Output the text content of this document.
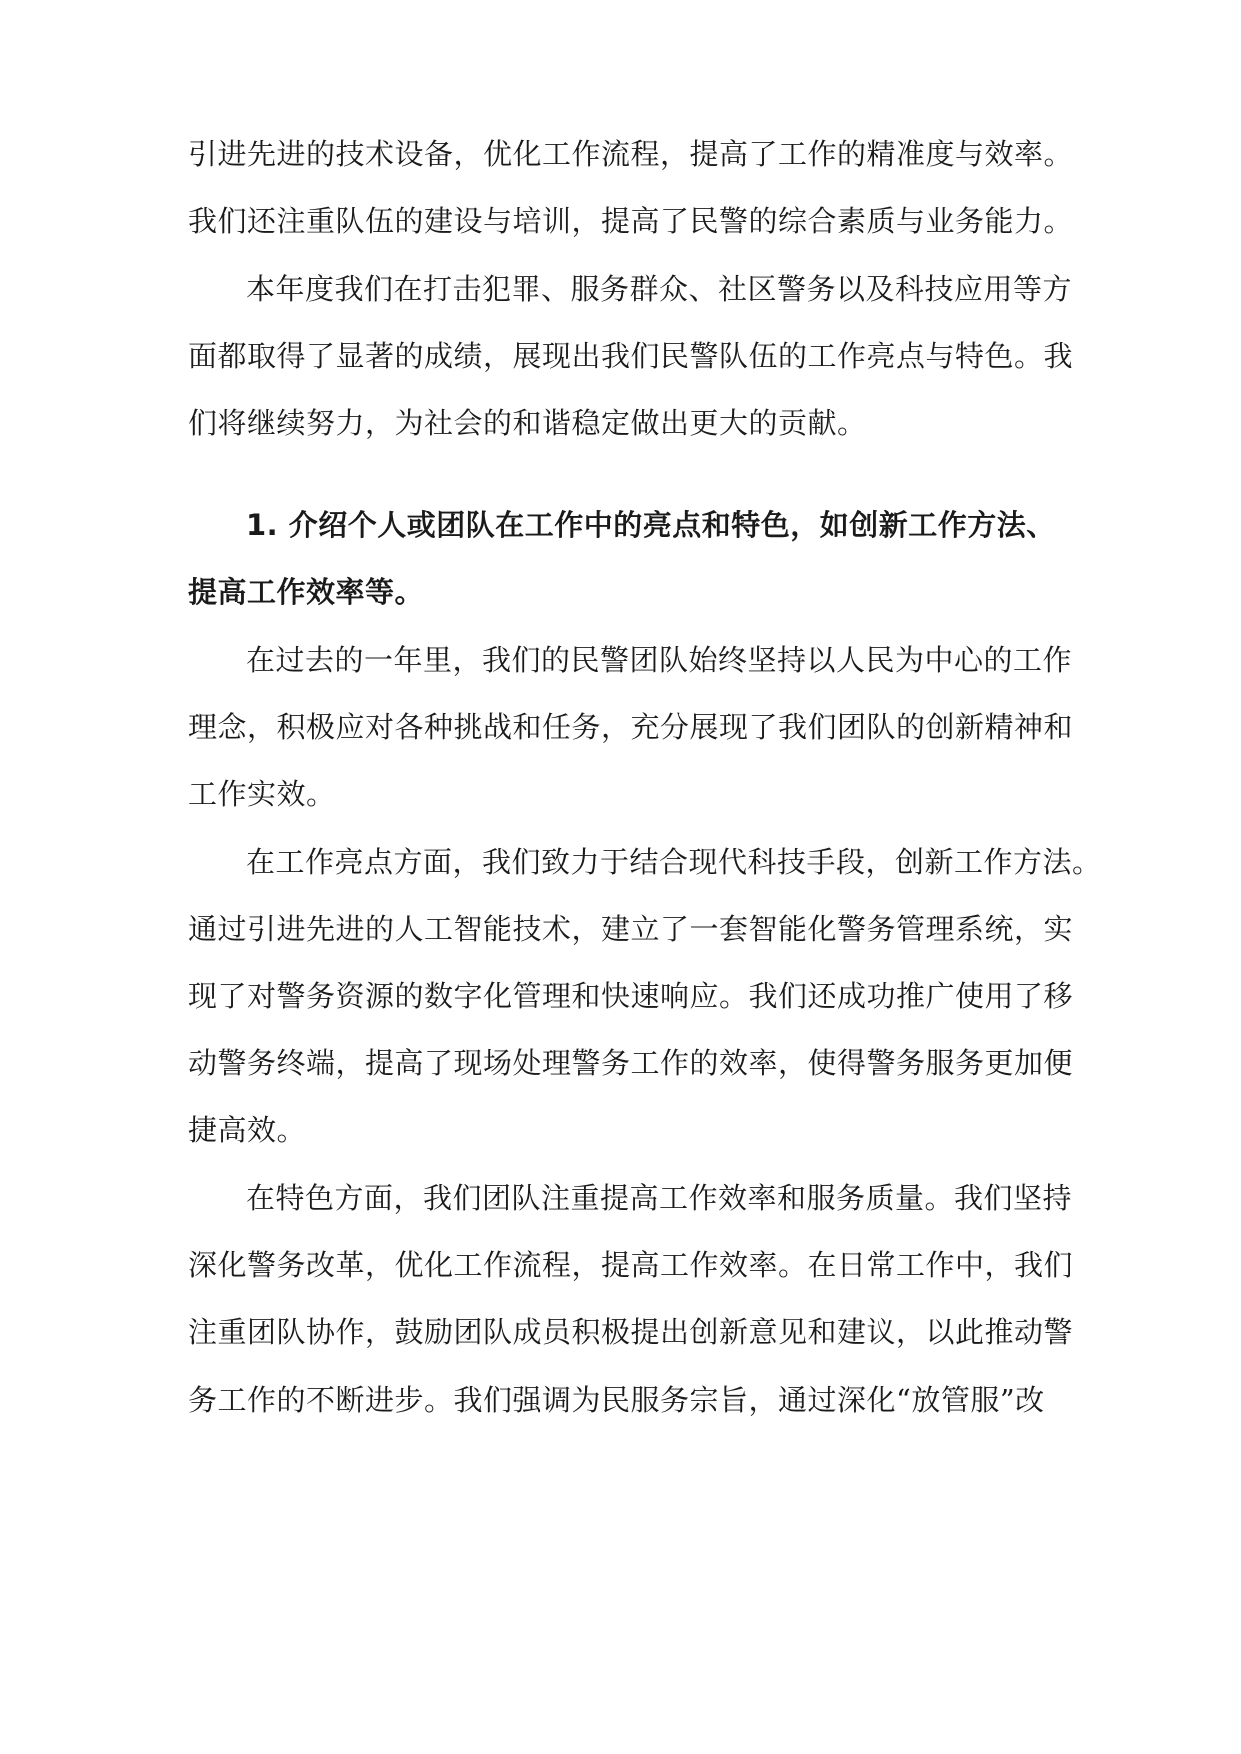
引进先进的技术设备，优化工作流程，提高了工作的精准度与效率。
我们还注重队伍的建设与培训，提高了民警的综合素质与业务能力。
本年度我们在打击犯罪、服务群众、社区警务以及科技应用等方
面都取得了显著的成绩，展现出我们民警队伍的工作亮点与特色。我
们将继续努力，为社会的和谐稳定做出更大的贡献。
1. 介绍个人或团队在工作中的亮点和特色，如创新工作方法、
提高工作效率等。
在过去的一年里，我们的民警团队始终坚持以人民为中心的工作
理念，积极应对各种挑战和任务，充分展现了我们团队的创新精神和
工作实效。
在工作亮点方面，我们致力于结合现代科技手段，创新工作方法。
通过引进先进的人工智能技术，建立了一套智能化警务管理系统，实
现了对警务资源的数字化管理和快速响应。我们还成功推广使用了移
动警务终端，提高了现场处理警务工作的效率，使得警务服务更加便
捷高效。
在特色方面，我们团队注重提高工作效率和服务质量。我们坚持
深化警务改革，优化工作流程，提高工作效率。在日常工作中，我们
注重团队协作，鼓励团队成员积极提出创新意见和建议，以此推动警
务工作的不断进步。我们强调为民服务宗旨，通过深化“放管服”改
